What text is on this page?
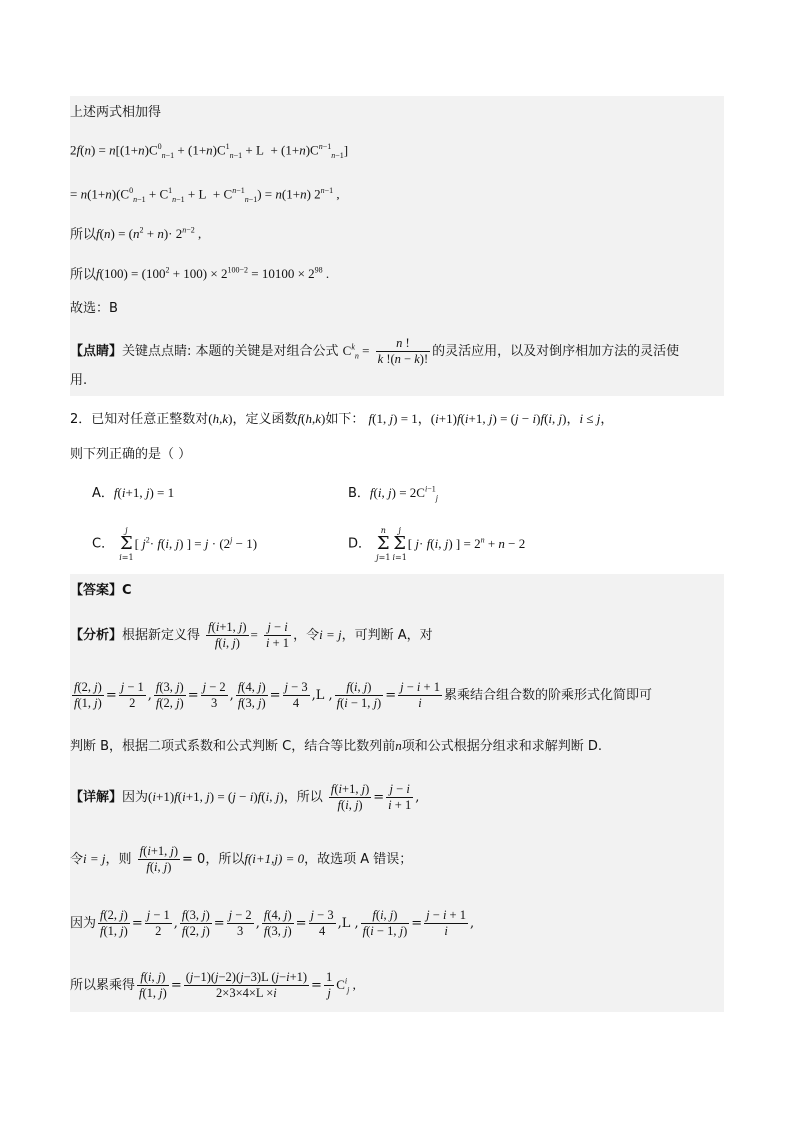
上述两式相加得
$2f(n) = n[(1+n)C^0_{n-1} + (1+n)C^1_{n-1} + L + (1+n)C^{n-1}_{n-1}]$
= $n(1+n)(C^0_{n-1} + C^1_{n-1} + L + C^{n-1}_{n-1}) = n(1+n)$ $2^{n-1}$ ,
所以$f(n) = (n^2 + n)\cdot 2^{n-2}$ ,
所以$f(100) = (100^2 + 100) \times 2^{100-2} = 10100 \times 2^{98}$ .
故选：B
【点睛】关键点点睛: 本题的关键是对组合公式 $C^k_n = \frac{n !}{k !(n - k)!}$ 的灵活应用，以及对倒序相加方法的灵活使
用.
2．已知对任意正整数对(h,k)，定义函数f(h,k)如下： f(1, j) = 1，(i+1)f(i+1, j) = (j − i)f(i, j)，i ≤ j，
则下列正确的是（ ）
A．f(i+1, j) = 1	B．f(i, $j) = 2C^{i-1}_j$
C． j
Σ
i=1[ $j^2\cdot f(i$, j) ] = $j \cdot (2^j - 1)$	D． n
Σ
j=1j
Σ
i=1[ j· f(i, j) ] = $2^n + n - 2$
【答案】C
【分析】根据新定义得 $\frac{f(i+1, j)}{f(i, j)} = \frac{j - i}{i + 1}$ ，令i = j，可判断 A，对
$\frac{f(2, j)}{f(1, j)} = \frac{j - 1}{2}$ , $\frac{f(3, j)}{f(2, j)} = \frac{j - 2}{3}$ , $\frac{f(4, j)}{f(3, j)} = \frac{j - 3}{4} ,L$ , $\frac{f(i, j)}{f(i - 1, j)} = \frac{j - i + 1}{i}$ 累乘结合组合数的阶乘形式化简即可
判断 B，根据二项式系数和公式判断 C，结合等比数列前n项和公式根据分组求和求解判断 D.
【详解】因为(i+1)f(i+1, j) = (j − i)f(i, j)，所以 $\frac{f(i+1, j)}{f(i, j)} = \frac{j - i}{i + 1}$ ,
令i = j，则 $\frac{f(i+1, j)}{f(i, j)} = 0$，所以f(i+1,j) = 0，故选项 A 错误；
因为 $\frac{f(2, j)}{f(1, j)} = \frac{j - 1}{2}$ , $\frac{f(3, j)}{f(2, j)} = \frac{j - 2}{3}$ , $\frac{f(4, j)}{f(3, j)} = \frac{j - 3}{4} ,L$ , $\frac{f(i, j)}{f(i - 1, j)} = \frac{j - i + 1}{i}$ ,
所以累乘得 $\frac{f(i, j)}{f(1, j)} = \frac{(j-1)(j-2)(j-3)L (j-i+1)}{2\times 3\times 4\times L \times i} = \frac{1}{j} C^i_j$ ,
